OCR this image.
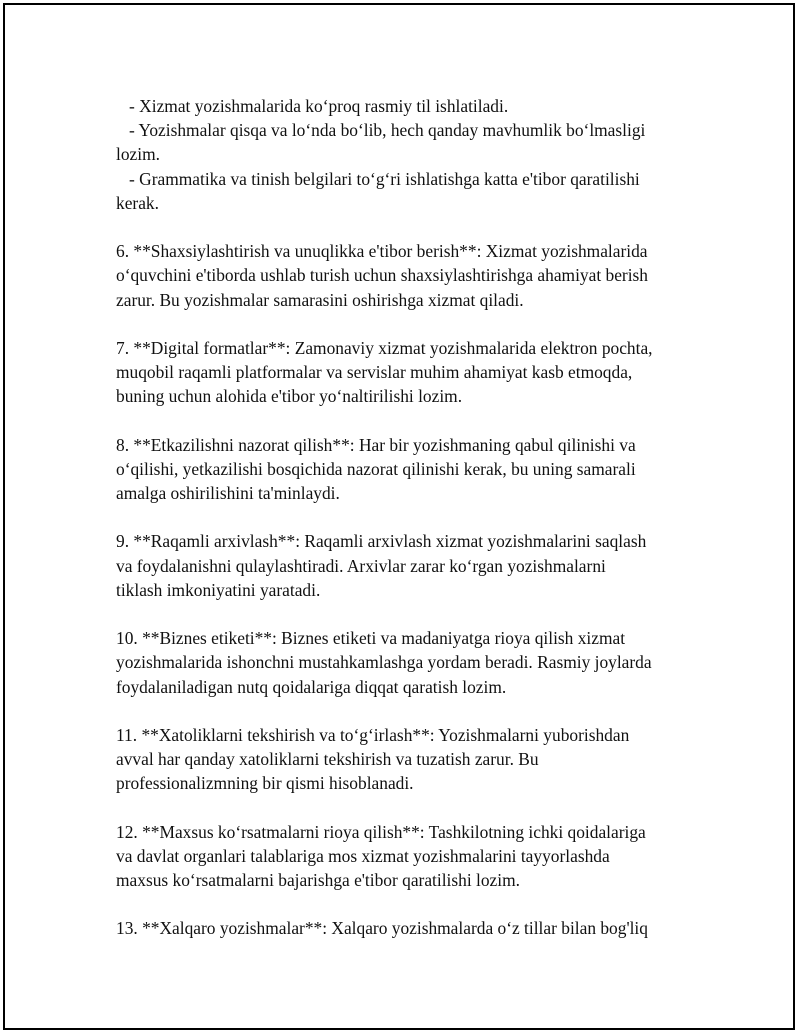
- Xizmat yozishmalarida ko‘proq rasmiy til ishlatiladi.
- Yozishmalar qisqa va lo‘nda bo‘lib, hech qanday mavhumlik bo‘lmasligi
lozim.
- Grammatika va tinish belgilari to‘g‘ri ishlatishga katta e'tibor qaratilishi
kerak.
6. **Shaxsiylashtirish va unuqlikka e'tibor berish**: Xizmat yozishmalarida
o‘quvchini e'tiborda ushlab turish uchun shaxsiylashtirishga ahamiyat berish
zarur. Bu yozishmalar samarasini oshirishga xizmat qiladi.
7. **Digital formatlar**: Zamonaviy xizmat yozishmalarida elektron pochta,
muqobil raqamli platformalar va servislar muhim ahamiyat kasb etmoqda,
buning uchun alohida e'tibor yo‘naltirilishi lozim.
8. **Etkazilishni nazorat qilish**: Har bir yozishmaning qabul qilinishi va
o‘qilishi, yetkazilishi bosqichida nazorat qilinishi kerak, bu uning samarali
amalga oshirilishini ta'minlaydi.
9. **Raqamli arxivlash**: Raqamli arxivlash xizmat yozishmalarini saqlash
va foydalanishni qulaylashtiradi. Arxivlar zarar ko‘rgan yozishmalarni
tiklash imkoniyatini yaratadi.
10. **Biznes etiketi**: Biznes etiketi va madaniyatga rioya qilish xizmat
yozishmalarida ishonchni mustahkamlashga yordam beradi. Rasmiy joylarda
foydalaniladigan nutq qoidalariga diqqat qaratish lozim.
11. **Xatoliklarni tekshirish va to‘g‘irlash**: Yozishmalarni yuborishdan
avval har qanday xatoliklarni tekshirish va tuzatish zarur. Bu
professionalizmning bir qismi hisoblanadi.
12. **Maxsus ko‘rsatmalarni rioya qilish**: Tashkilotning ichki qoidalariga
va davlat organlari talablariga mos xizmat yozishmalarini tayyorlashda
maxsus ko‘rsatmalarni bajarishga e'tibor qaratilishi lozim.
13. **Xalqaro yozishmalar**: Xalqaro yozishmalarda o‘z tillar bilan bog'liq
